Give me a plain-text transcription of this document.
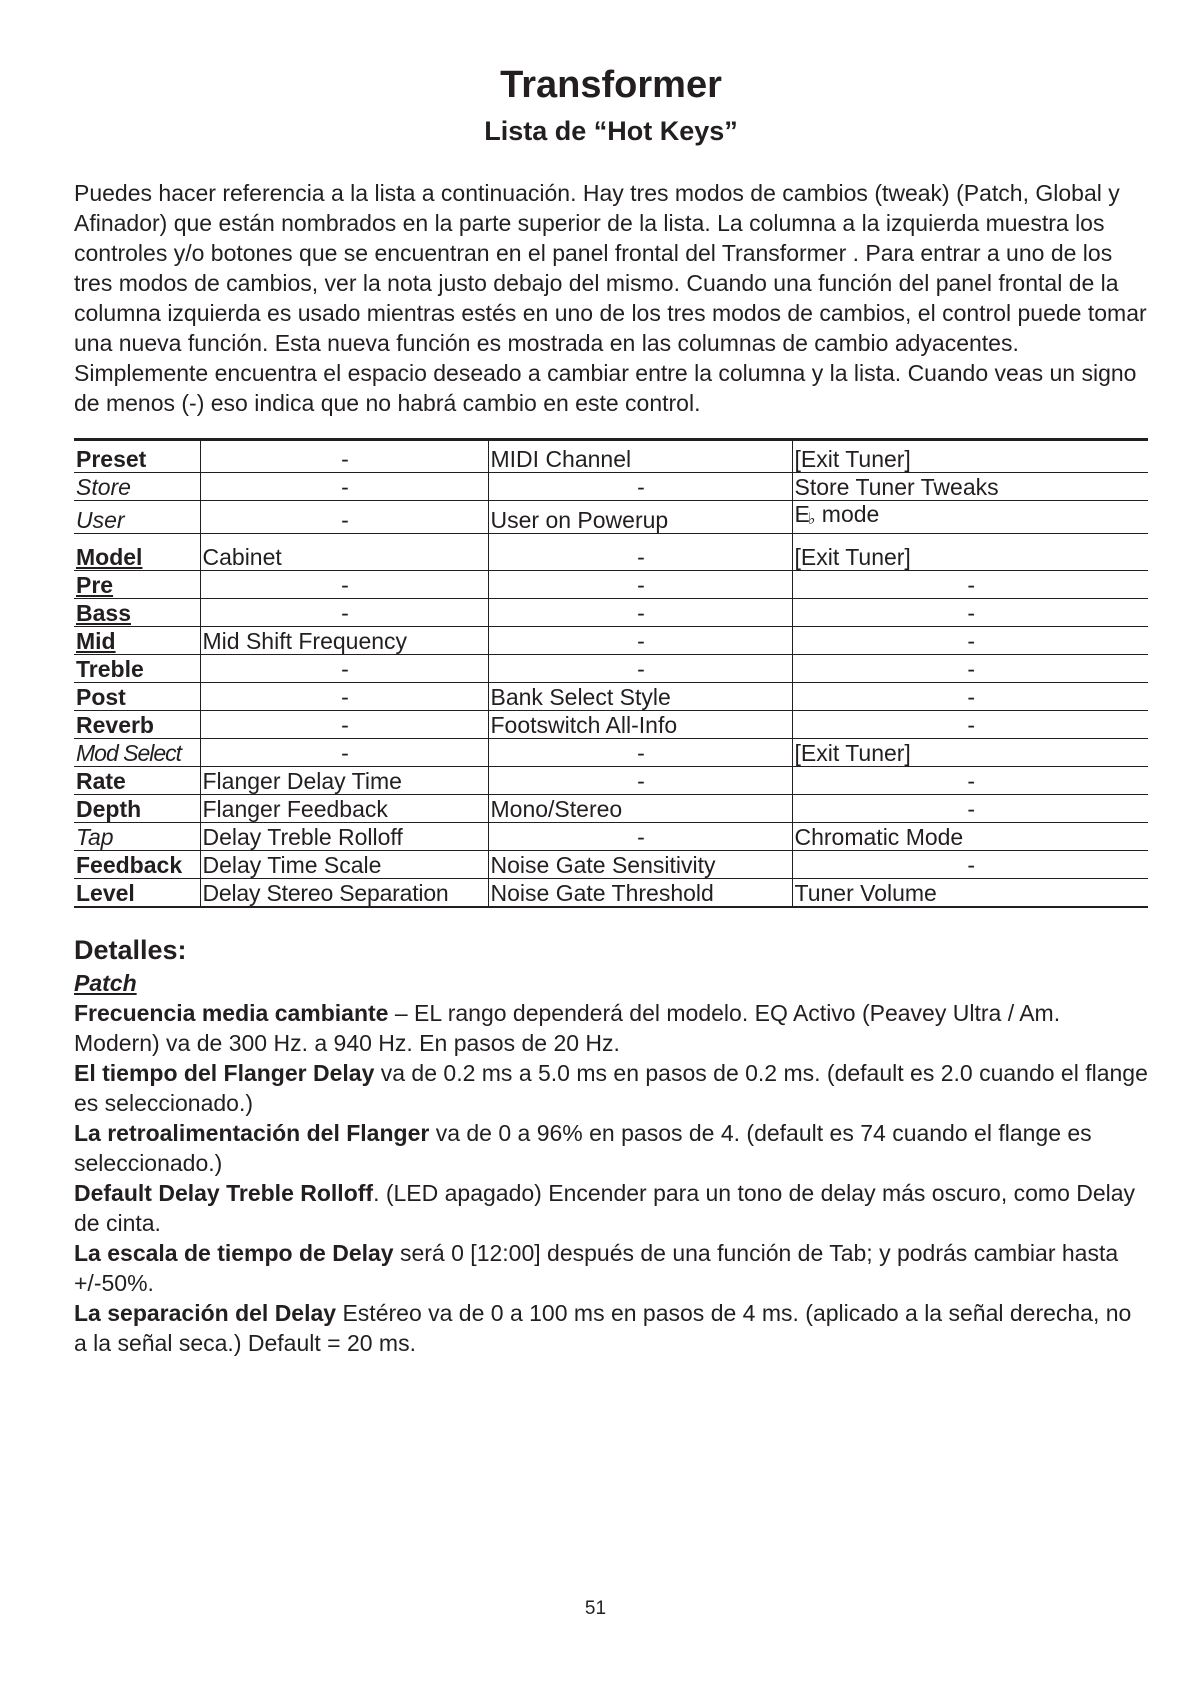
Transformer
Lista de “Hot Keys”

Puedes hacer referencia a la lista a continuación. Hay tres modos de cambios (tweak) (Patch, Global y Afinador) que están nombrados en la parte superior de la lista. La columna a la izquierda muestra los controles y/o botones que se encuentran en el panel frontal del Transformer . Para entrar a uno de los tres modos de cambios, ver la nota justo debajo del mismo. Cuando una función del panel frontal de la columna izquierda es usado mientras estés en uno de los tres modos de cambios, el control puede tomar una nueva función. Esta nueva función es mostrada en las columnas de cambio adyacentes. Simplemente encuentra el espacio deseado a cambiar entre la columna y la lista. Cuando veas un signo de menos (-) eso indica que no habrá cambio en este control.

Preset	-	MIDI Channel	[Exit Tuner]
Store	-	-	Store Tuner Tweaks
User	-	User on Powerup	E♭ mode
Model	Cabinet	-	[Exit Tuner]
Pre	-	-	-
Bass	-	-	-
Mid	Mid Shift Frequency	-	-
Treble	-	-	-
Post	-	Bank Select Style	-
Reverb	-	Footswitch All-Info	-
Mod Select	-	-	[Exit Tuner]
Rate	Flanger Delay Time	-	-
Depth	Flanger Feedback	Mono/Stereo	-
Tap	Delay Treble Rolloff	-	Chromatic Mode
Feedback	Delay Time Scale	Noise Gate Sensitivity	-
Level	Delay Stereo Separation	Noise Gate Threshold	Tuner Volume
Detalles:
Patch

Frecuencia media cambiante – EL rango dependerá del modelo. EQ Activo (Peavey Ultra / Am. Modern) va de 300 Hz. a 940 Hz. En pasos de 20 Hz.

El tiempo del Flanger Delay va de 0.2 ms a 5.0 ms en pasos de 0.2 ms. (default es 2.0 cuando el flange es seleccionado.)

La retroalimentación del Flanger va de 0 a 96% en pasos de 4. (default es 74 cuando el flange es seleccionado.)

Default Delay Treble Rolloff. (LED apagado) Encender para un tono de delay más oscuro, como Delay de cinta.

La escala de tiempo de Delay será 0 [12:00] después de una función de Tab; y podrás cambiar hasta +/-50%.

La separación del Delay Estéreo va de 0 a 100 ms en pasos de 4 ms. (aplicado a la señal derecha, no a la señal seca.) Default = 20 ms.

51
